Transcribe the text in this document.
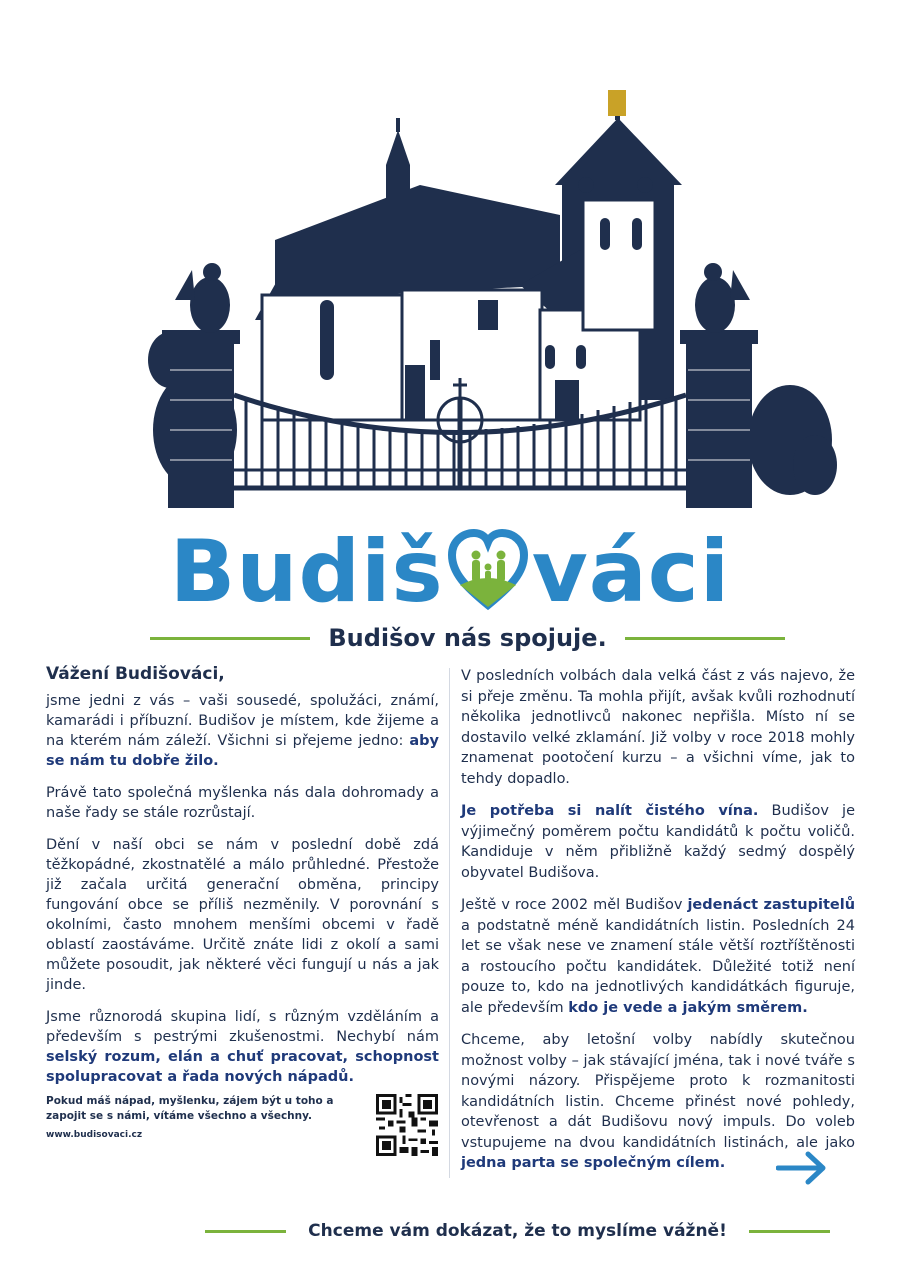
Budiš váci
Budišov nás spojuje.
Vážení Budišováci,

jsme jedni z vás – vaši sousedé, spolužáci, známí, kamarádi i příbuzní. Budišov je místem, kde žijeme a na kterém nám záleží. Všichni si přejeme jedno: aby se nám tu dobře žilo.

Právě tato společná myšlenka nás dala dohromady a naše řady se stále rozrůstají.

Dění v naší obci se nám v poslední době zdá těžkopádné, zkostnatělé a málo průhledné. Přestože již začala určitá generační obměna, principy fungování obce se příliš nezměnily. V porovnání s okolními, často mnohem menšími obcemi v řadě oblastí zaostáváme. Určitě znáte lidi z okolí a sami můžete posoudit, jak některé věci fungují u nás a jak jinde.

Jsme různorodá skupina lidí, s různým vzděláním a především s pestrými zkušenostmi. Nechybí nám selský rozum, elán a chuť pracovat, schopnost spolupracovat a řada nových nápadů.

Pokud máš nápad, myšlenku, zájem být u toho a zapojit se s námi, vítáme všechno a všechny.
www.budisovaci.cz

V posledních volbách dala velká část z vás najevo, že si přeje změnu. Ta mohla přijít, avšak kvůli rozhodnutí několika jednotlivců nakonec nepřišla. Místo ní se dostavilo velké zklamání. Již volby v roce 2018 mohly znamenat pootočení kurzu – a všichni víme, jak to tehdy dopadlo.

Je potřeba si nalít čistého vína. Budišov je výjimečný poměrem počtu kandidátů k počtu voličů. Kandiduje v něm přibližně každý sedmý dospělý obyvatel Budišova.

Ještě v roce 2002 měl Budišov jedenáct zastupitelů a podstatně méně kandidátních listin. Posledních 24 let se však nese ve znamení stále větší roztříštěnosti a rostoucího počtu kandidátek. Důležité totiž není pouze to, kdo na jednotlivých kandidátkách figuruje, ale především kdo je vede a jakým směrem.

Chceme, aby letošní volby nabídly skutečnou možnost volby – jak stávající jména, tak i nové tváře s novými názory. Přispějeme proto k rozmanitosti kandidátních listin. Chceme přinést nové pohledy, otevřenost a dát Budišovu nový impuls. Do voleb vstupujeme na dvou kandidátních listinách, ale jako jedna parta se společným cílem.

Chceme vám dokázat, že to myslíme vážně!
